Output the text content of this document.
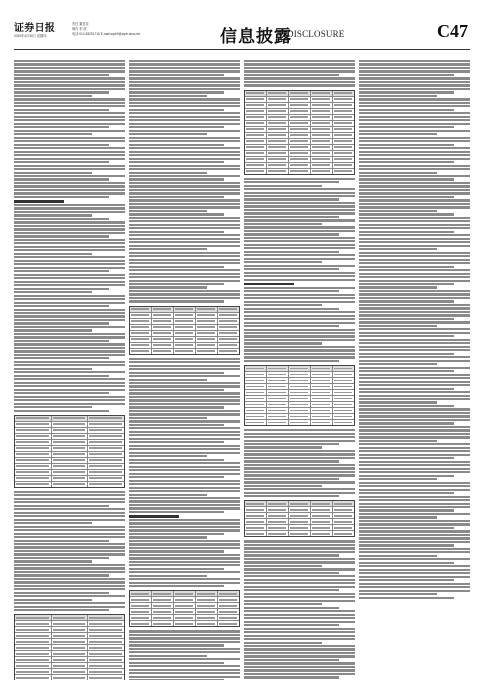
证券日报
2020年4月30日 星期四
责任 董桂花
制作 李 波
电话:010-83251716 E-mail:zqrb9@zqrb.sina.net	信息披露
DISCLOSURE	C47
